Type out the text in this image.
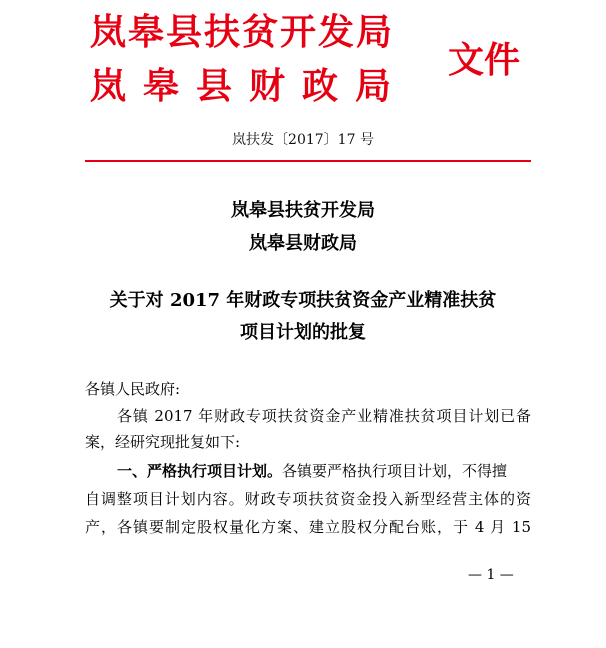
岚皋县扶贫开发局
岚皋县财政局
文件
岚扶发〔2017〕17 号
岚皋县扶贫开发局
岚皋县财政局
关于对 2017 年财政专项扶贫资金产业精准扶贫
项目计划的批复
各镇人民政府:
各镇 2017 年财政专项扶贫资金产业精准扶贫项目计划已备
案，经研究现批复如下:
一、严格执行项目计划。各镇要严格执行项目计划，不得擅
自调整项目计划内容。财政专项扶贫资金投入新型经营主体的资
产，各镇要制定股权量化方案、建立股权分配台账，于 4 月 15
— 1 —
